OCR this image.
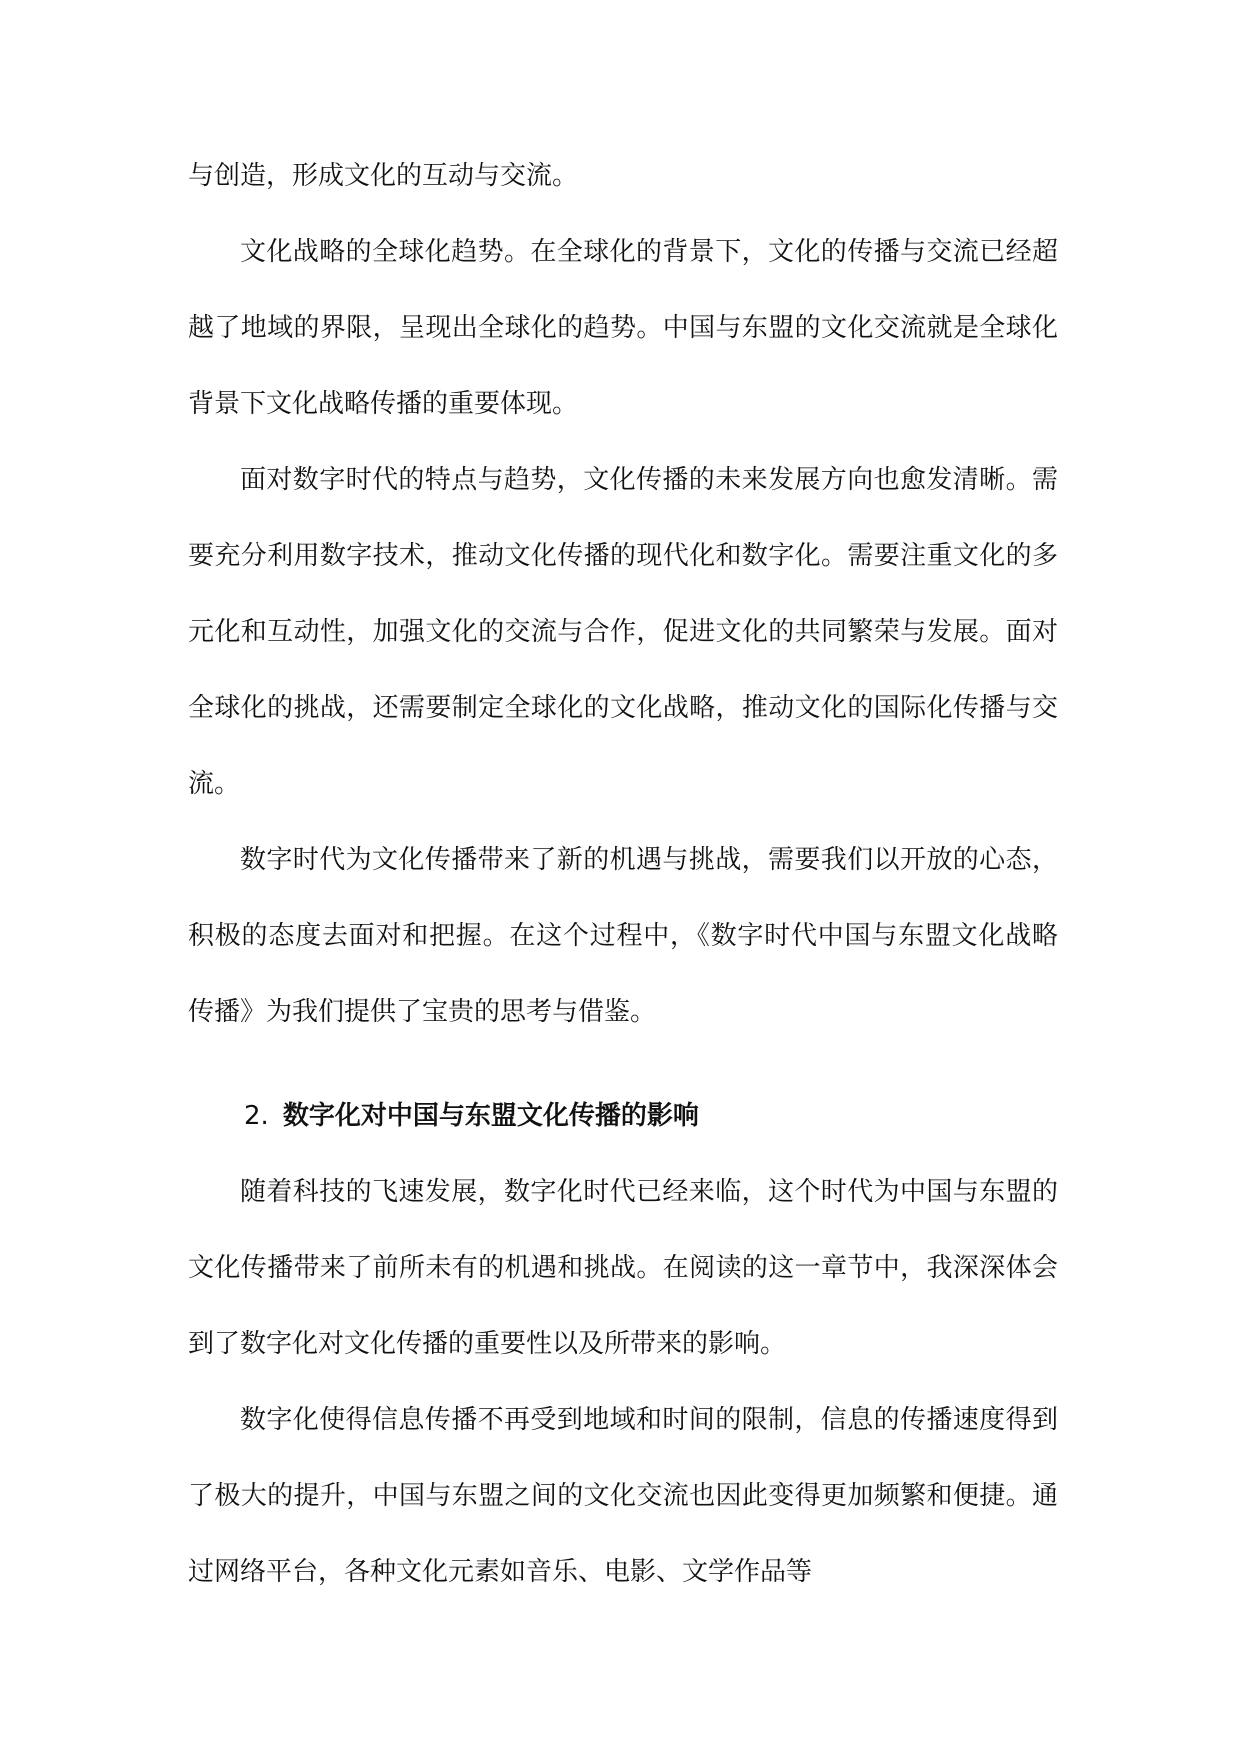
与创造，形成文化的互动与交流。

文化战略的全球化趋势。在全球化的背景下，文化的传播与交流已经超越了地域的界限，呈现出全球化的趋势。中国与东盟的文化交流就是全球化背景下文化战略传播的重要体现。

面对数字时代的特点与趋势，文化传播的未来发展方向也愈发清晰。需要充分利用数字技术，推动文化传播的现代化和数字化。需要注重文化的多元化和互动性，加强文化的交流与合作，促进文化的共同繁荣与发展。面对全球化的挑战，还需要制定全球化的文化战略，推动文化的国际化传播与交流。

数字时代为文化传播带来了新的机遇与挑战，需要我们以开放的心态，积极的态度去面对和把握。在这个过程中，《数字时代中国与东盟文化战略传播》为我们提供了宝贵的思考与借鉴。

2. 数字化对中国与东盟文化传播的影响

随着科技的飞速发展，数字化时代已经来临，这个时代为中国与东盟的文化传播带来了前所未有的机遇和挑战。在阅读的这一章节中，我深深体会到了数字化对文化传播的重要性以及所带来的影响。

数字化使得信息传播不再受到地域和时间的限制，信息的传播速度得到了极大的提升，中国与东盟之间的文化交流也因此变得更加频繁和便捷。通过网络平台，各种文化元素如音乐、电影、文学作品等
